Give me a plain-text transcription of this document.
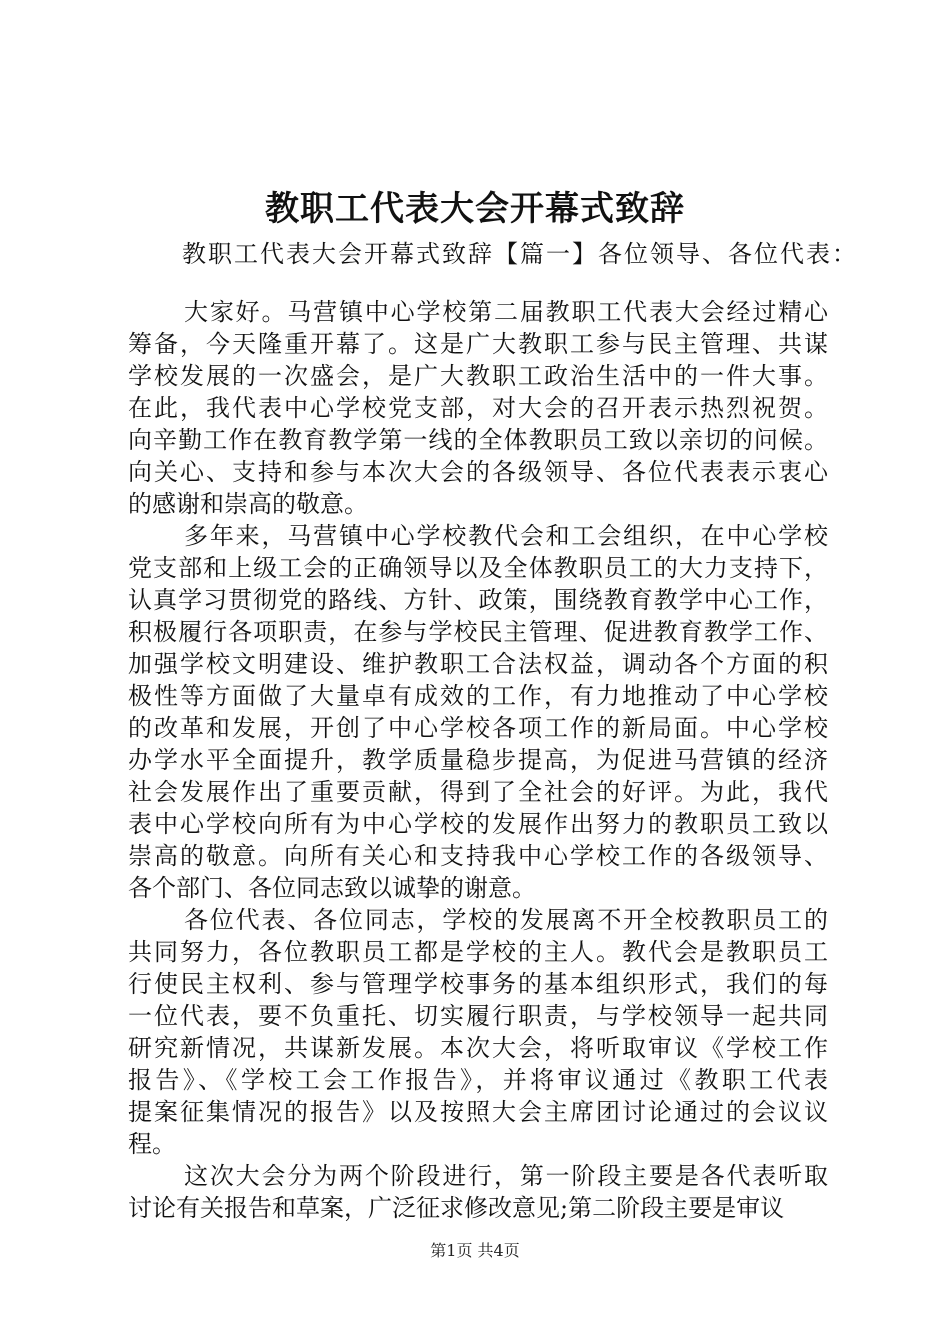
教职工代表大会开幕式致辞
教职工代表大会开幕式致辞【篇一】各位领导、各位代表：
大家好。马营镇中心学校第二届教职工代表大会经过精心
筹备，今天隆重开幕了。这是广大教职工参与民主管理、共谋
学校发展的一次盛会，是广大教职工政治生活中的一件大事。
在此，我代表中心学校党支部，对大会的召开表示热烈祝贺。
向辛勤工作在教育教学第一线的全体教职员工致以亲切的问候。
向关心、支持和参与本次大会的各级领导、各位代表表示衷心
的感谢和崇高的敬意。
多年来，马营镇中心学校教代会和工会组织，在中心学校
党支部和上级工会的正确领导以及全体教职员工的大力支持下，
认真学习贯彻党的路线、方针、政策，围绕教育教学中心工作，
积极履行各项职责，在参与学校民主管理、促进教育教学工作、
加强学校文明建设、维护教职工合法权益，调动各个方面的积
极性等方面做了大量卓有成效的工作，有力地推动了中心学校
的改革和发展，开创了中心学校各项工作的新局面。中心学校
办学水平全面提升，教学质量稳步提高，为促进马营镇的经济
社会发展作出了重要贡献，得到了全社会的好评。为此，我代
表中心学校向所有为中心学校的发展作出努力的教职员工致以
崇高的敬意。向所有关心和支持我中心学校工作的各级领导、
各个部门、各位同志致以诚挚的谢意。
各位代表、各位同志，学校的发展离不开全校教职员工的
共同努力，各位教职员工都是学校的主人。教代会是教职员工
行使民主权利、参与管理学校事务的基本组织形式，我们的每
一位代表，要不负重托、切实履行职责，与学校领导一起共同
研究新情况，共谋新发展。本次大会，将听取审议《学校工作
报告》、《学校工会工作报告》，并将审议通过《教职工代表
提案征集情况的报告》以及按照大会主席团讨论通过的会议议
程。
这次大会分为两个阶段进行，第一阶段主要是各代表听取
讨论有关报告和草案，广泛征求修改意见;第二阶段主要是审议
第1页 共4页
